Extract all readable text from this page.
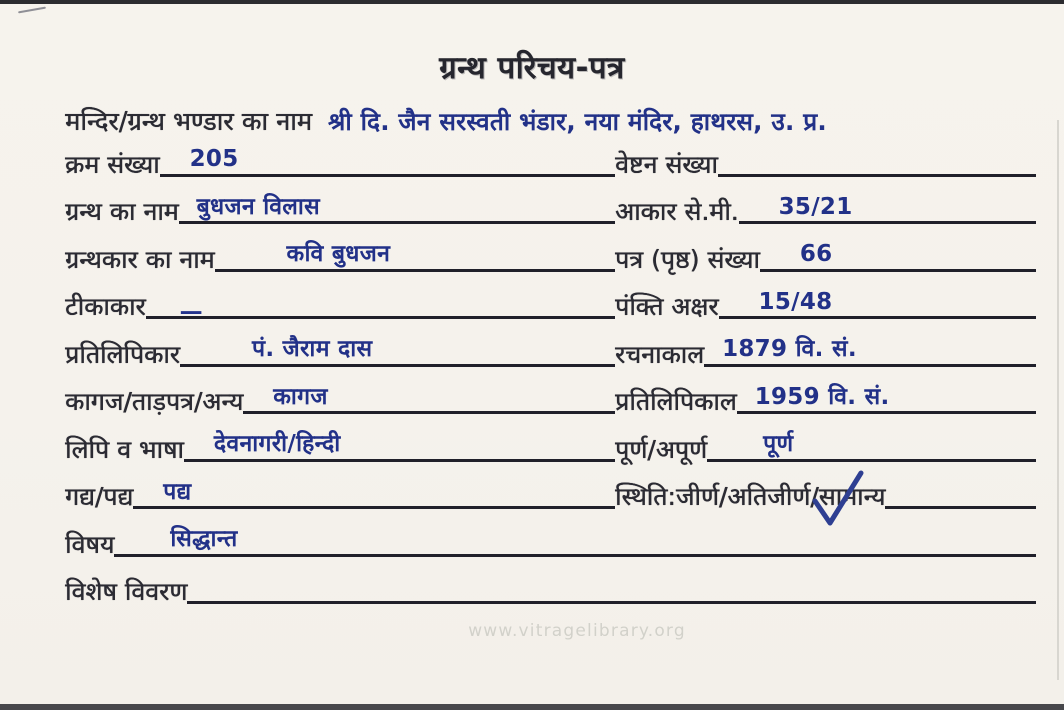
ग्रन्थ परिचय-पत्र
मन्दिर/ग्रन्थ भण्डार का नाम श्री दि. जैन सरस्वती भंडार, नया मंदिर, हाथरस, उ. प्र.
क्रम संख्या	205	वेष्टन संख्या
ग्रन्थ का नाम बुधजन विलास	आकार से.मी.	35/21
ग्रन्थकार का नाम	कवि बुधजन	पत्र (पृष्ठ) संख्या	66
टीकाकार	—	पंक्ति अक्षर	15/48
प्रतिलिपिकार	पं. जैराम दास	रचनाकाल 1879 वि. सं.
कागज/ताड़पत्र/अन्य	कागज	प्रतिलिपिकाल 1959 वि. सं.
लिपि व भाषा	देवनागरी/हिन्दी	पूर्ण/अपूर्ण	पूर्ण
गद्य/पद्य	पद्य	स्थिति:जीर्ण/अतिजीर्ण/ सामान्य
विषय	सिद्धान्त
विशेष विवरण
www.vitragelibrary.org
